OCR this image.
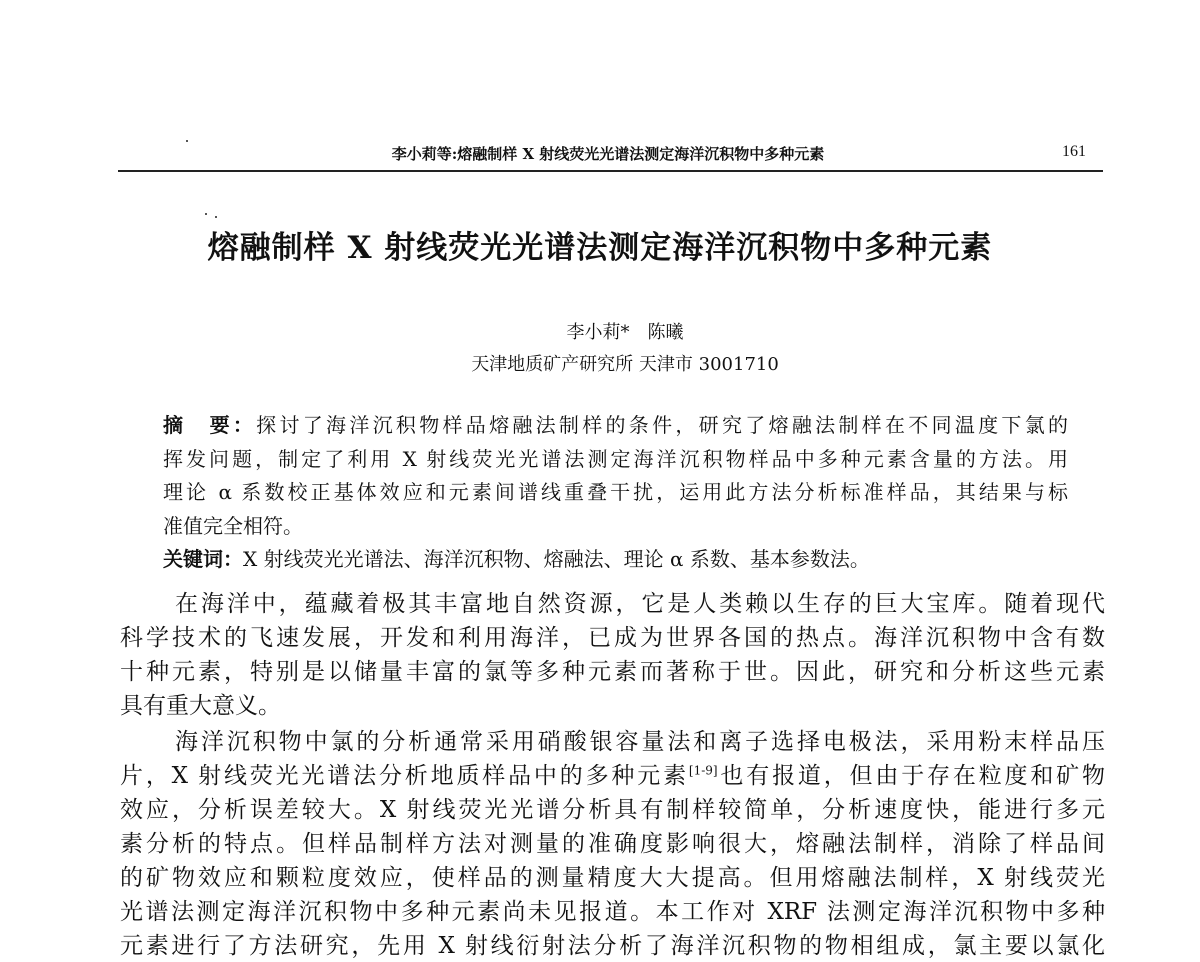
李小莉等:熔融制样 X 射线荧光光谱法测定海洋沉积物中多种元素	161
熔融制样 X 射线荧光光谱法测定海洋沉积物中多种元素
李小莉*　陈曦
天津地质矿产研究所 天津市 3001710
摘　要：探讨了海洋沉积物样品熔融法制样的条件，研究了熔融法制样在不同温度下氯的
挥发问题，制定了利用 X 射线荧光光谱法测定海洋沉积物样品中多种元素含量的方法。用
理论 α 系数校正基体效应和元素间谱线重叠干扰，运用此方法分析标准样品，其结果与标
准值完全相符。
关键词：X 射线荧光光谱法、海洋沉积物、熔融法、理论 α 系数、基本参数法。
在海洋中，蕴藏着极其丰富地自然资源，它是人类赖以生存的巨大宝库。随着现代
科学技术的飞速发展，开发和利用海洋，已成为世界各国的热点。海洋沉积物中含有数
十种元素，特别是以储量丰富的氯等多种元素而著称于世。因此，研究和分析这些元素
具有重大意义。
海洋沉积物中氯的分析通常采用硝酸银容量法和离子选择电极法，采用粉末样品压
片，X 射线荧光光谱法分析地质样品中的多种元素[1-9]也有报道，但由于存在粒度和矿物
效应，分析误差较大。X 射线荧光光谱分析具有制样较简单，分析速度快，能进行多元
素分析的特点。但样品制样方法对测量的准确度影响很大，熔融法制样，消除了样品间
的矿物效应和颗粒度效应，使样品的测量精度大大提高。但用熔融法制样，X 射线荧光
光谱法测定海洋沉积物中多种元素尚未见报道。本工作对 XRF 法测定海洋沉积物中多种
元素进行了方法研究，先用 X 射线衍射法分析了海洋沉积物的物相组成，氯主要以氯化
